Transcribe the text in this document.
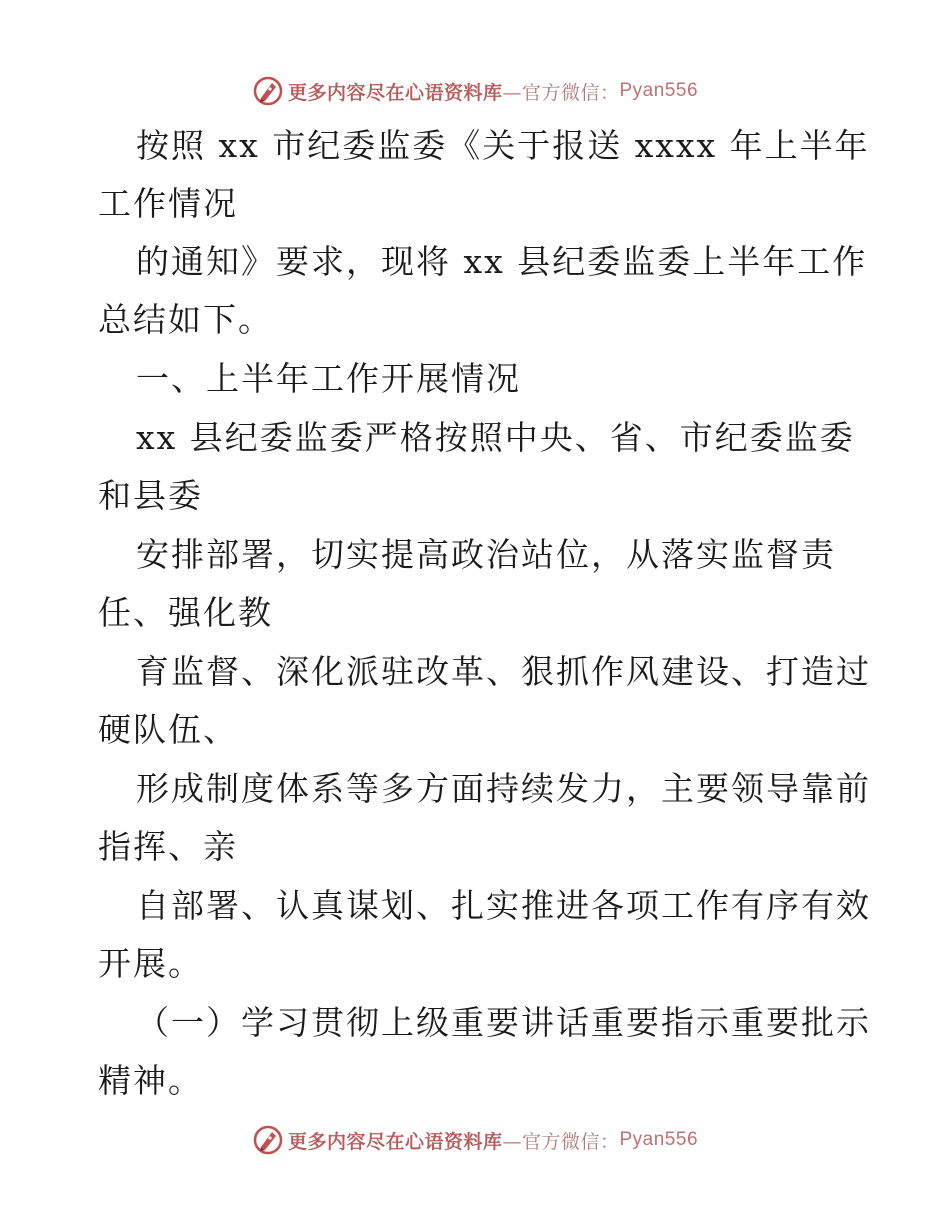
更多内容尽在心语资料库 —官方微信： Pyan556
按照 xx 市纪委监委《关于报送 xxxx 年上半年
工作情况
的通知》要求，现将 xx 县纪委监委上半年工作
总结如下。
一、上半年工作开展情况
xx 县纪委监委严格按照中央、省、市纪委监委
和县委
安排部署，切实提高政治站位，从落实监督责
任、强化教
育监督、深化派驻改革、狠抓作风建设、打造过
硬队伍、
形成制度体系等多方面持续发力，主要领导靠前
指挥、亲
自部署、认真谋划、扎实推进各项工作有序有效
开展。
（一）学习贯彻上级重要讲话重要指示重要批示
精神。
更多内容尽在心语资料库 —官方微信： Pyan556
